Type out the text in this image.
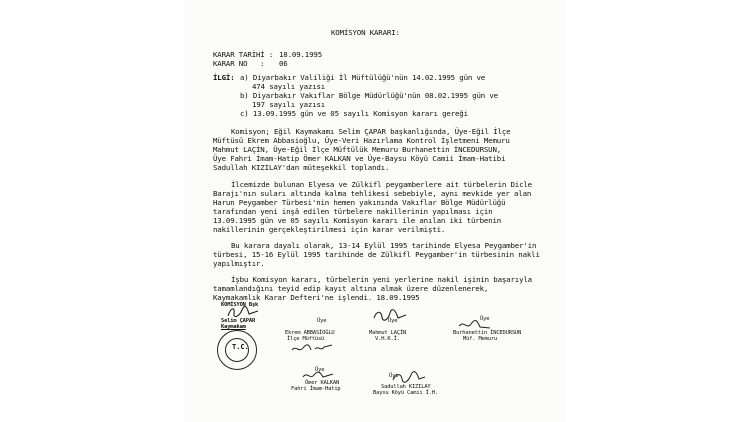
KOMİSYON KARARI:
KARAR TARİHİ : 18.09.1995
KARAR NO : 06
İLGİ: a) Diyarbakır Valiliği İl Müftülüğü'nün 14.02.1995 gün ve
474 sayılı yazısı
b) Diyarbakır Vakıflar Bölge Müdürlüğü'nün 08.02.1995 gün ve
197 sayılı yazısı
c) 13.09.1995 gün ve 05 sayılı Komisyon kararı gereği
Komisyon; Eğil Kaymakamı Selim ÇAPAR başkanlığında, Üye-Eğil İlçe
Müftüsü Ekrem Abbasioğlu, Üye-Veri Hazırlama Kontrol İşletmeni Memuru
Mahmut LAÇİN, Üye-Eğil İlçe Müftülük Memuru Burhanettin İNCEDURSUN,
Üye Fahri İmam-Hatip Ömer KALKAN ve Üye-Baysu Köyü Camii İmam-Hatibi
Sadullah KIZILAY'dan müteşekkil toplandı.
İlcemizde bulunan Elyesa ve Zülkifl peygamberlere ait türbelerin Dicle
Barajı'nın suları altında kalma tehlikesi sebebiyle, aynı mevkide yer alan
Harun Peygamber Türbesi'nin hemen yakınında Vakıflar Bölge Müdürlüğü
tarafından yeni inşâ edilen türbelere nakillerinin yapılması için
13.09.1995 gün ve 05 sayılı Komisyon kararı ile anılan iki türbenin
nakillerinin gerçekleştirilmesi için karar verilmişti.
Bu karara dayalı olarak, 13-14 Eylül 1995 tarihinde Elyesa Peygamber'in
türbesi, 15-16 Eylül 1995 tarihinde de Zülkifl Peygamber'in türbesinin nakli
yapılmıştır.
İşbu Komisyon kararı, türbelerin yeni yerlerine nakil işinin başarıyla
tamamlandığını teyid edip kayıt altına almak üzere düzenlenerek,
Kaymakamlık Karar Defteri'ne işlendi. 18.09.1995
KOMİSYON Bşk
Selim ÇAPAR
Kaymakam
T.C.
Üye
Ekrem ABBASİOĞLU
İlçe Müftüsü
Üye
Mahmut LAÇİN
V.H.K.İ.
Üye
Burhanettin İNCEDURSUN
Müf. Memuru
Üye
Ömer KALKAN
Fahri İmam-Hatip
Üye
Sadullah KIZILAY
Baysu Köyü Camii İ.H.
